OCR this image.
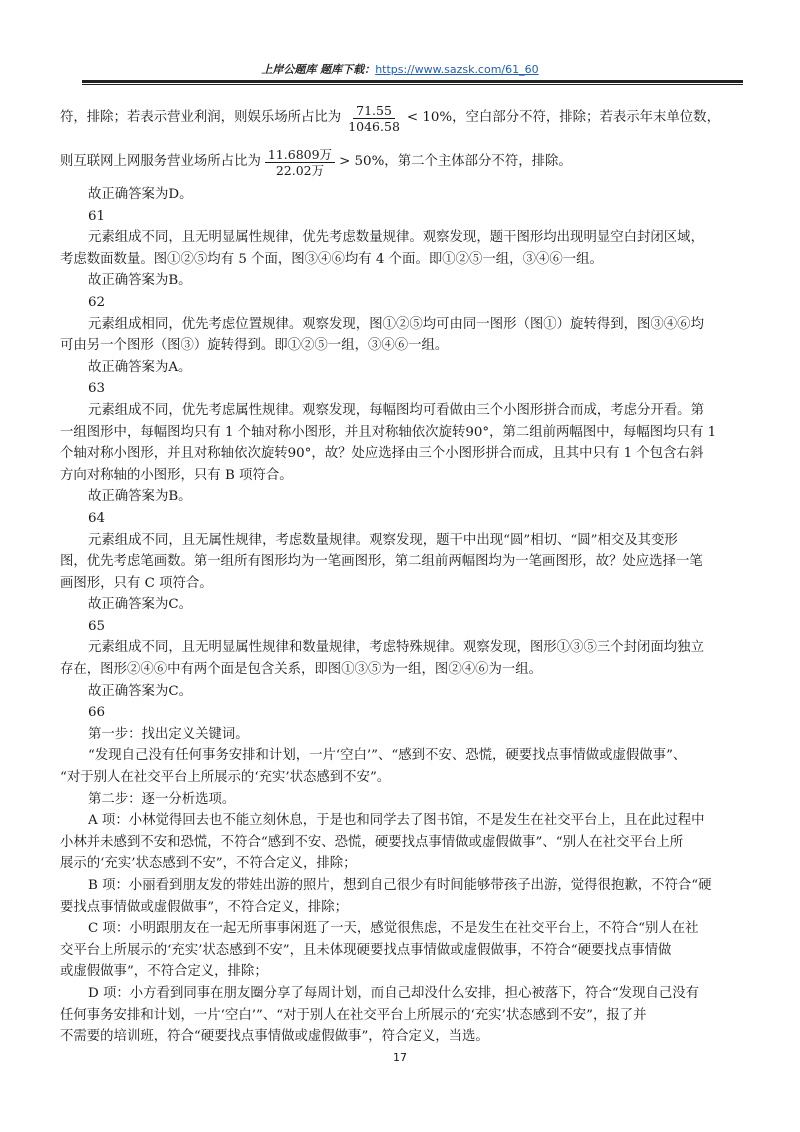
上岸公题库 题库下载：https://www.sazsk.com/61_60
符，排除；若表示营业利润，则娱乐场所占比为 $\frac{71.55}{1046.58} < 10\%$，空白部分不符，排除；若表示年末单位数，
则互联网上网服务营业场所占比为 $\frac{\text{11.6809万}}{\text{22.02万}} > 50\%$，第二个主体部分不符，排除。
故正确答案为D。
61
元素组成不同，且无明显属性规律，优先考虑数量规律。观察发现，题干图形均出现明显空白封闭区域，
考虑数面数量。图①②⑤均有 5 个面，图③④⑥均有 4 个面。即①②⑤一组，③④⑥一组。
故正确答案为B。
62
元素组成相同，优先考虑位置规律。观察发现，图①②⑤均可由同一图形（图①）旋转得到，图③④⑥均
可由另一个图形（图③）旋转得到。即①②⑤一组，③④⑥一组。
故正确答案为A。
63
元素组成不同，优先考虑属性规律。观察发现，每幅图均可看做由三个小图形拼合而成，考虑分开看。第
一组图形中，每幅图均只有 1 个轴对称小图形，并且对称轴依次旋转90°，第二组前两幅图中，每幅图均只有 1
个轴对称小图形，并且对称轴依次旋转90°，故？处应选择由三个小图形拼合而成，且其中只有 1 个包含右斜
方向对称轴的小图形，只有 B 项符合。
故正确答案为B。
64
元素组成不同，且无属性规律，考虑数量规律。观察发现，题干中出现“圆”相切、“圆”相交及其变形
图，优先考虑笔画数。第一组所有图形均为一笔画图形，第二组前两幅图均为一笔画图形，故？处应选择一笔
画图形，只有 C 项符合。
故正确答案为C。
65
元素组成不同，且无明显属性规律和数量规律，考虑特殊规律。观察发现，图形①③⑤三个封闭面均独立
存在，图形②④⑥中有两个面是包含关系，即图①③⑤为一组，图②④⑥为一组。
故正确答案为C。
66
第一步：找出定义关键词。
“发现自己没有任何事务安排和计划，一片‘空白’”、“感到不安、恐慌，硬要找点事情做或虚假做事”、
“对于别人在社交平台上所展示的‘充实’状态感到不安”。
第二步：逐一分析选项。
A 项：小林觉得回去也不能立刻休息，于是也和同学去了图书馆，不是发生在社交平台上，且在此过程中
小林并未感到不安和恐慌，不符合“感到不安、恐慌，硬要找点事情做或虚假做事”、“别人在社交平台上所
展示的‘充实’状态感到不安”，不符合定义，排除；
B 项：小丽看到朋友发的带娃出游的照片，想到自己很少有时间能够带孩子出游，觉得很抱歉，不符合“硬
要找点事情做或虚假做事”，不符合定义，排除；
C 项：小明跟朋友在一起无所事事闲逛了一天，感觉很焦虑，不是发生在社交平台上，不符合“别人在社
交平台上所展示的‘充实’状态感到不安”，且未体现硬要找点事情做或虚假做事，不符合“硬要找点事情做
或虚假做事”，不符合定义，排除；
D 项：小方看到同事在朋友圈分享了每周计划，而自己却没什么安排，担心被落下，符合“发现自己没有
任何事务安排和计划，一片‘空白’”、“对于别人在社交平台上所展示的‘充实’状态感到不安”，报了并
不需要的培训班，符合“硬要找点事情做或虚假做事”，符合定义，当选。
17
